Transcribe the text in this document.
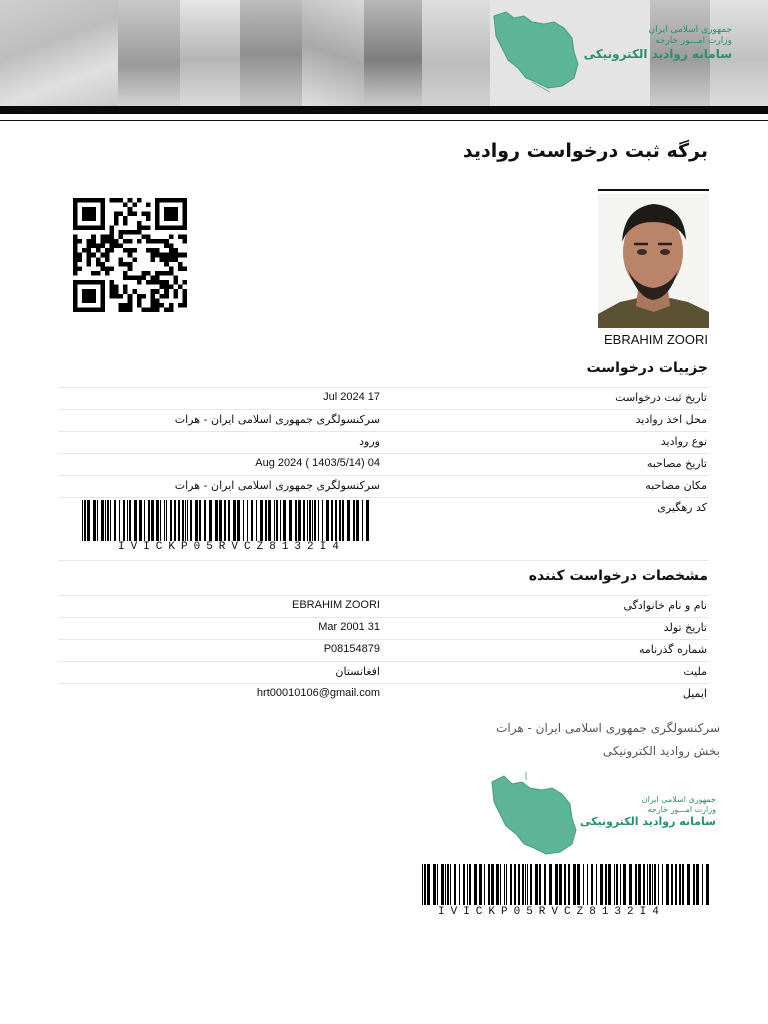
جمهوری اسلامی ایران
وزارت امـــور خارجه
سامانه روادید الکترونیکی
برگه ثبت درخواست روادید
EBRAHIM ZOORI
جزییات درخواست
تاریخ ثبت درخواست
Jul 2024 17
محل اخذ روادید
سرکنسولگری جمهوری اسلامی ایران - هرات
نوع روادید
ورود
تاریخ مصاحبه
Aug 2024 ( 1403/5/14) 04
مکان مصاحبه
سرکنسولگری جمهوری اسلامی ایران - هرات
کد رهگیری
IVICKP05RVCZ8132I4
مشخصات درخواست کننده
نام و نام خانوادگی
EBRAHIM ZOORI
تاریخ تولد
Mar 2001 31
شماره گذرنامه
P08154879
ملیت
افغانستان
ایمیل
hrt00010106@gmail.com
سرکنسولگری جمهوری اسلامی ایران - هرات
بخش روادید الکترونیکی
جمهوری اسلامی ایران
وزارت امـــور خارجه
سامانه روادید الکترونیکی
IVICKP05RVCZ8132I4
